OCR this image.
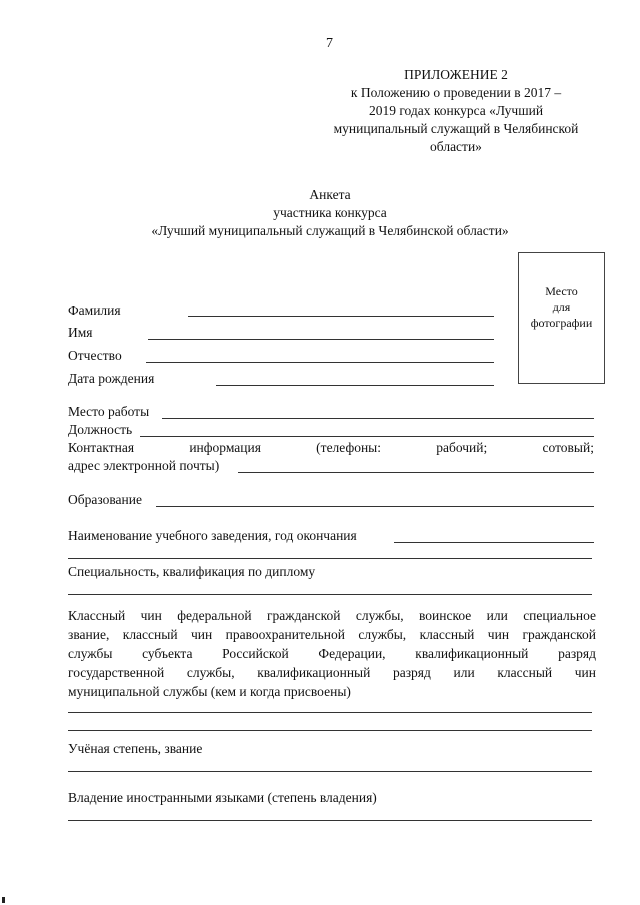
7
ПРИЛОЖЕНИЕ 2
к Положению о проведении в 2017 –
2019 годах конкурса «Лучший
муниципальный служащий в Челябинской
области»
Анкета
участника конкурса
«Лучший муниципальный служащий в Челябинской области»
Место
для
фотографии
Фамилия
Имя
Отчество
Дата рождения
Место работы
Должность
Контактная	информация	(телефоны:	рабочий;	сотовый;
адрес электронной почты)
Образование
Наименование учебного заведения, год окончания
Специальность, квалификация по диплому
Классный чин федеральной гражданской службы, воинское или специальное
звание, классный чин правоохранительной службы, классный чин гражданской
службы субъекта Российской Федерации, квалификационный разряд
государственной службы, квалификационный разряд или классный чин
муниципальной службы (кем и когда присвоены)
Учёная степень, звание
Владение иностранными языками (степень владения)
